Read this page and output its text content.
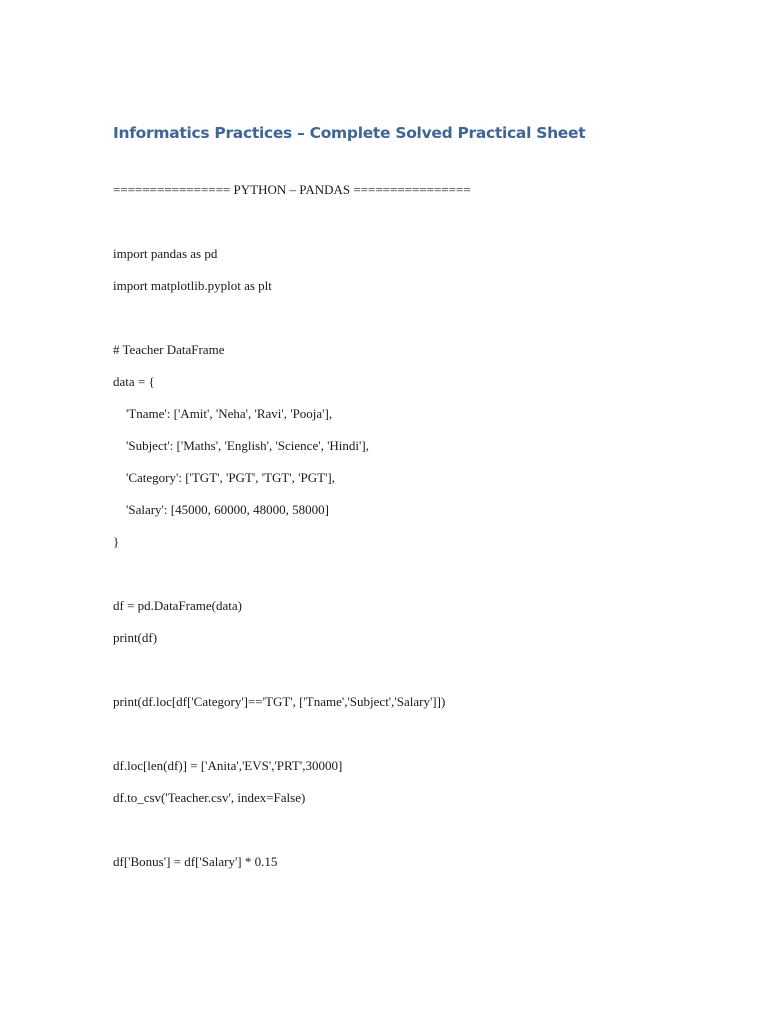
Informatics Practices – Complete Solved Practical Sheet
================ PYTHON – PANDAS ================
import pandas as pd
import matplotlib.pyplot as plt
# Teacher DataFrame
data = {
'Tname': ['Amit', 'Neha', 'Ravi', 'Pooja'],
'Subject': ['Maths', 'English', 'Science', 'Hindi'],
'Category': ['TGT', 'PGT', 'TGT', 'PGT'],
'Salary': [45000, 60000, 48000, 58000]
}
df = pd.DataFrame(data)
print(df)
print(df.loc[df['Category']=='TGT', ['Tname','Subject','Salary']])
df.loc[len(df)] = ['Anita','EVS','PRT',30000]
df.to_csv('Teacher.csv', index=False)
df['Bonus'] = df['Salary'] * 0.15
